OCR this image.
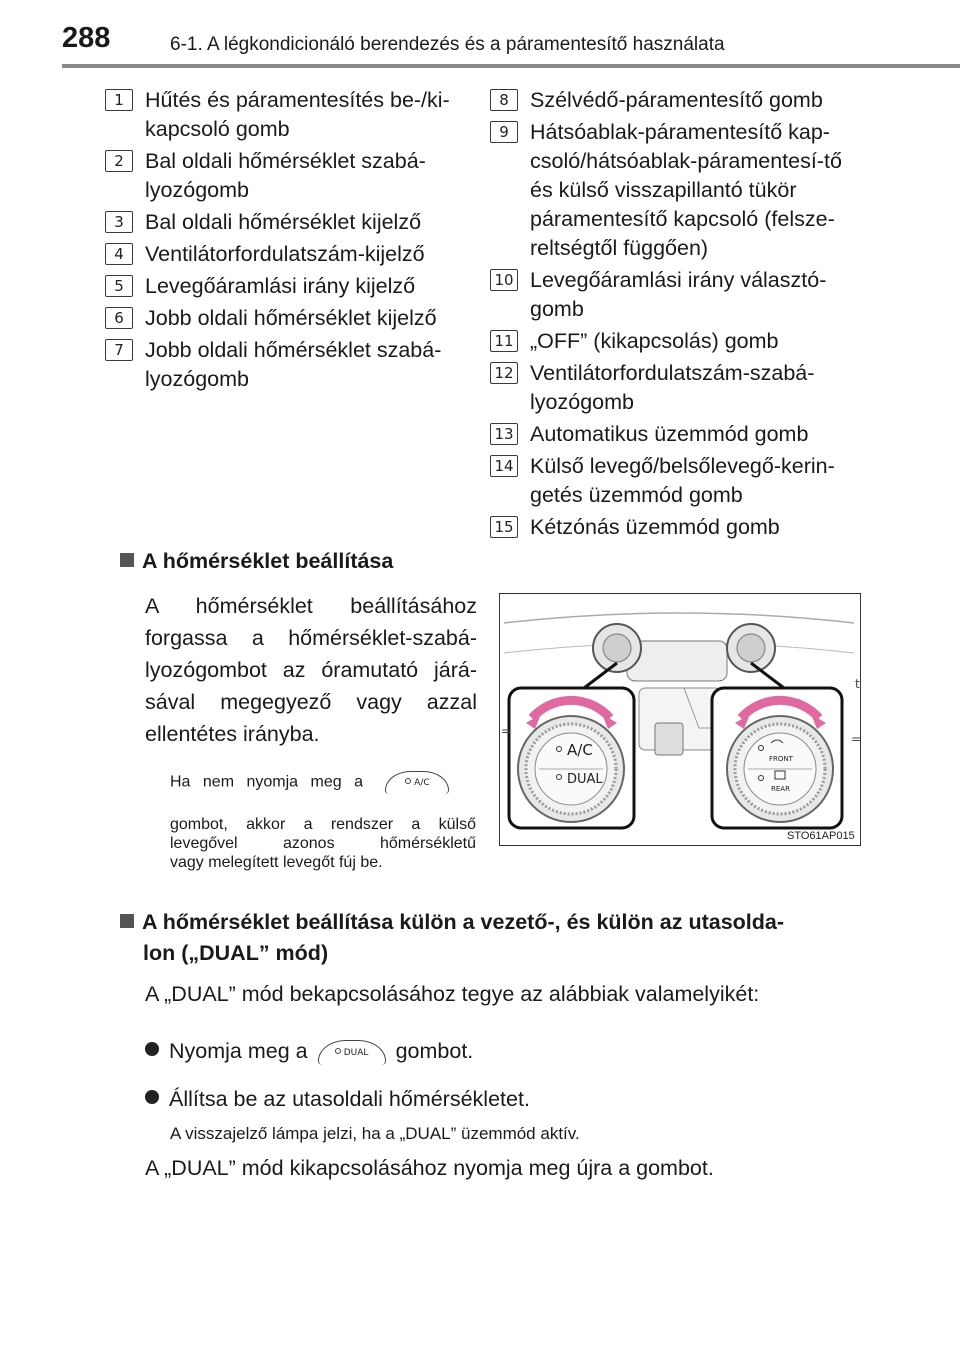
288	6-1. A légkondicionáló berendezés és a páramentesítő használata
1 Hűtés és páramentesítés be-/ki-kapcsoló gomb
2 Bal oldali hőmérséklet szabá-lyozógomb
3 Bal oldali hőmérséklet kijelző
4 Ventilátorfordulatszám-kijelző
5 Levegőáramlási irány kijelző
6 Jobb oldali hőmérséklet kijelző
7 Jobb oldali hőmérséklet szabá-lyozógomb
8 Szélvédő-páramentesítő gomb
9 Hátsóablak-páramentesítő kap-csoló/hátsóablak-páramentesí-tő és külső visszapillantó tükör páramentesítő kapcsoló (felsze-reltségtől függően)
10 Levegőáramlási irány választó-gomb
11 „OFF” (kikapcsolás) gomb
12 Ventilátorfordulatszám-szabá-lyozógomb
13 Automatikus üzemmód gomb
14 Külső levegő/belsőlevegő-kerin-getés üzemmód gomb
15 Kétzónás üzemmód gomb
A hőmérséklet beállítása
A hőmérséklet beállításához
forgassa a hőmérséklet-szabá-
lyozógombot az óramutató járá-
sával megegyező vagy azzal
ellentétes irányba.
Ha nem nyomja meg a	A/C
gombot, akkor a rendszer a külső
levegővel azonos hőmérsékletű
vagy melegített levegőt fúj be.
A/C
DUAL
FRONT
REAR
=
=
t
STO61AP015
A hőmérséklet beállítása külön a vezető-, és külön az utasolda-
lon („DUAL” mód)
A „DUAL” mód bekapcsolásához tegye az alábbiak valamelyikét:
Nyomja meg a	DUAL gombot.
Állítsa be az utasoldali hőmérsékletet.
A visszajelző lámpa jelzi, ha a „DUAL” üzemmód aktív.
A „DUAL” mód kikapcsolásához nyomja meg újra a gombot.
